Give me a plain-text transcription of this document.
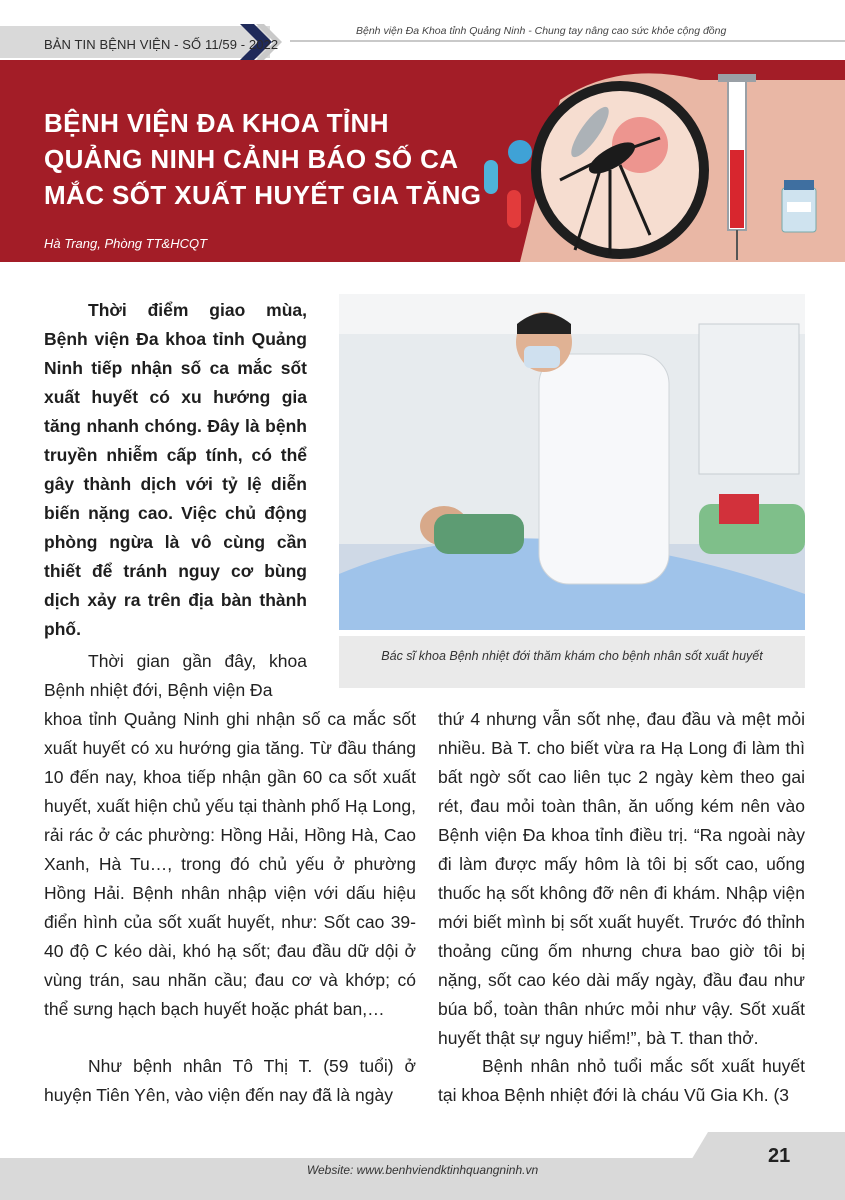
BẢN TIN BỆNH VIỆN - SỐ 11/59 - 2022
Bệnh viện Đa Khoa tỉnh Quảng Ninh - Chung tay nâng cao sức khỏe cộng đồng
BỆNH VIỆN ĐA KHOA TỈNH
QUẢNG NINH CẢNH BÁO SỐ CA
MẮC SỐT XUẤT HUYẾT GIA TĂNG
Hà Trang, Phòng TT&HCQT

Thời điểm giao mùa, Bệnh viện Đa khoa tỉnh Quảng Ninh tiếp nhận số ca mắc sốt xuất huyết có xu hướng gia tăng nhanh chóng. Đây là bệnh truyền nhiễm cấp tính, có thể gây thành dịch với tỷ lệ diễn biến nặng cao. Việc chủ động phòng ngừa là vô cùng cần thiết để tránh nguy cơ bùng dịch xảy ra trên địa bàn thành phố.

Bác sĩ khoa Bệnh nhiệt đới thăm khám cho bệnh nhân sốt xuất huyết

Thời gian gần đây, khoa Bệnh nhiệt đới, Bệnh viện Đa

khoa tỉnh Quảng Ninh ghi nhận số ca mắc sốt xuất huyết có xu hướng gia tăng. Từ đầu tháng 10 đến nay, khoa tiếp nhận gần 60 ca sốt xuất huyết, xuất hiện chủ yếu tại thành phố Hạ Long, rải rác ở các phường: Hồng Hải, Hồng Hà, Cao Xanh, Hà Tu…, trong đó chủ yếu ở phường Hồng Hải. Bệnh nhân nhập viện với dấu hiệu điển hình của sốt xuất huyết, như: Sốt cao 39-40 độ C kéo dài, khó hạ sốt; đau đầu dữ dội ở vùng trán, sau nhãn cầu; đau cơ và khớp; có thể sưng hạch bạch huyết hoặc phát ban,…

Như bệnh nhân Tô Thị T. (59 tuổi) ở huyện Tiên Yên, vào viện đến nay đã là ngày

thứ 4 nhưng vẫn sốt nhẹ, đau đầu và mệt mỏi nhiều. Bà T. cho biết vừa ra Hạ Long đi làm thì bất ngờ sốt cao liên tục 2 ngày kèm theo gai rét, đau mỏi toàn thân, ăn uống kém nên vào Bệnh viện Đa khoa tỉnh điều trị. “Ra ngoài này đi làm được mấy hôm là tôi bị sốt cao, uống thuốc hạ sốt không đỡ nên đi khám. Nhập viện mới biết mình bị sốt xuất huyết. Trước đó thỉnh thoảng cũng ốm nhưng chưa bao giờ tôi bị nặng, sốt cao kéo dài mấy ngày, đầu đau như búa bổ, toàn thân nhức mỏi như vậy. Sốt xuất huyết thật sự nguy hiểm!”, bà T. than thở.

Bệnh nhân nhỏ tuổi mắc sốt xuất huyết tại khoa Bệnh nhiệt đới là cháu Vũ Gia Kh. (3

Website: www.benhviendktinhquangninh.vn
21
